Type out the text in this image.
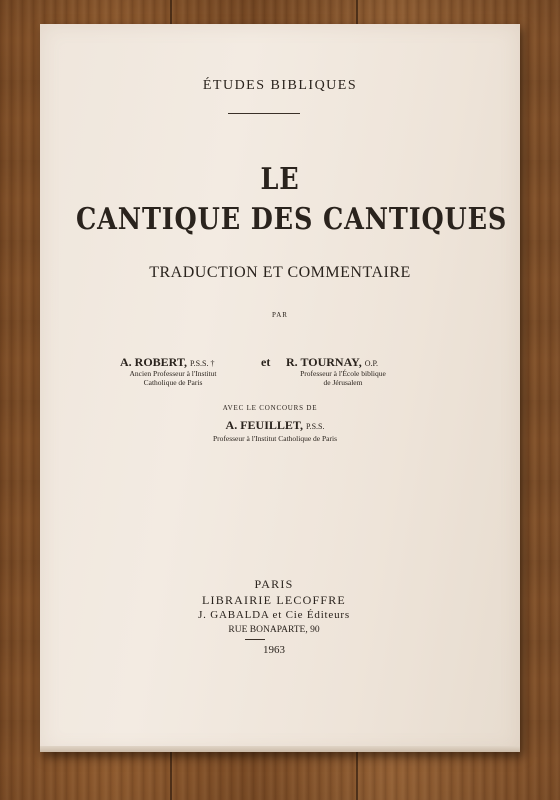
ÉTUDES BIBLIQUES
LE
CANTIQUE DES CANTIQUES
TRADUCTION ET COMMENTAIRE
PAR
A. ROBERT, P.S.S. †	et R. TOURNAY, O.P.
Ancien Professeur à l'Institut
Catholique de Paris
Professeur à l'École biblique
de Jérusalem
AVEC LE CONCOURS DE
A. FEUILLET, P.S.S.
Professeur à l'Institut Catholique de Paris
PARIS
LIBRAIRIE LECOFFRE
J. GABALDA et Cie Éditeurs
RUE BONAPARTE, 90
1963
